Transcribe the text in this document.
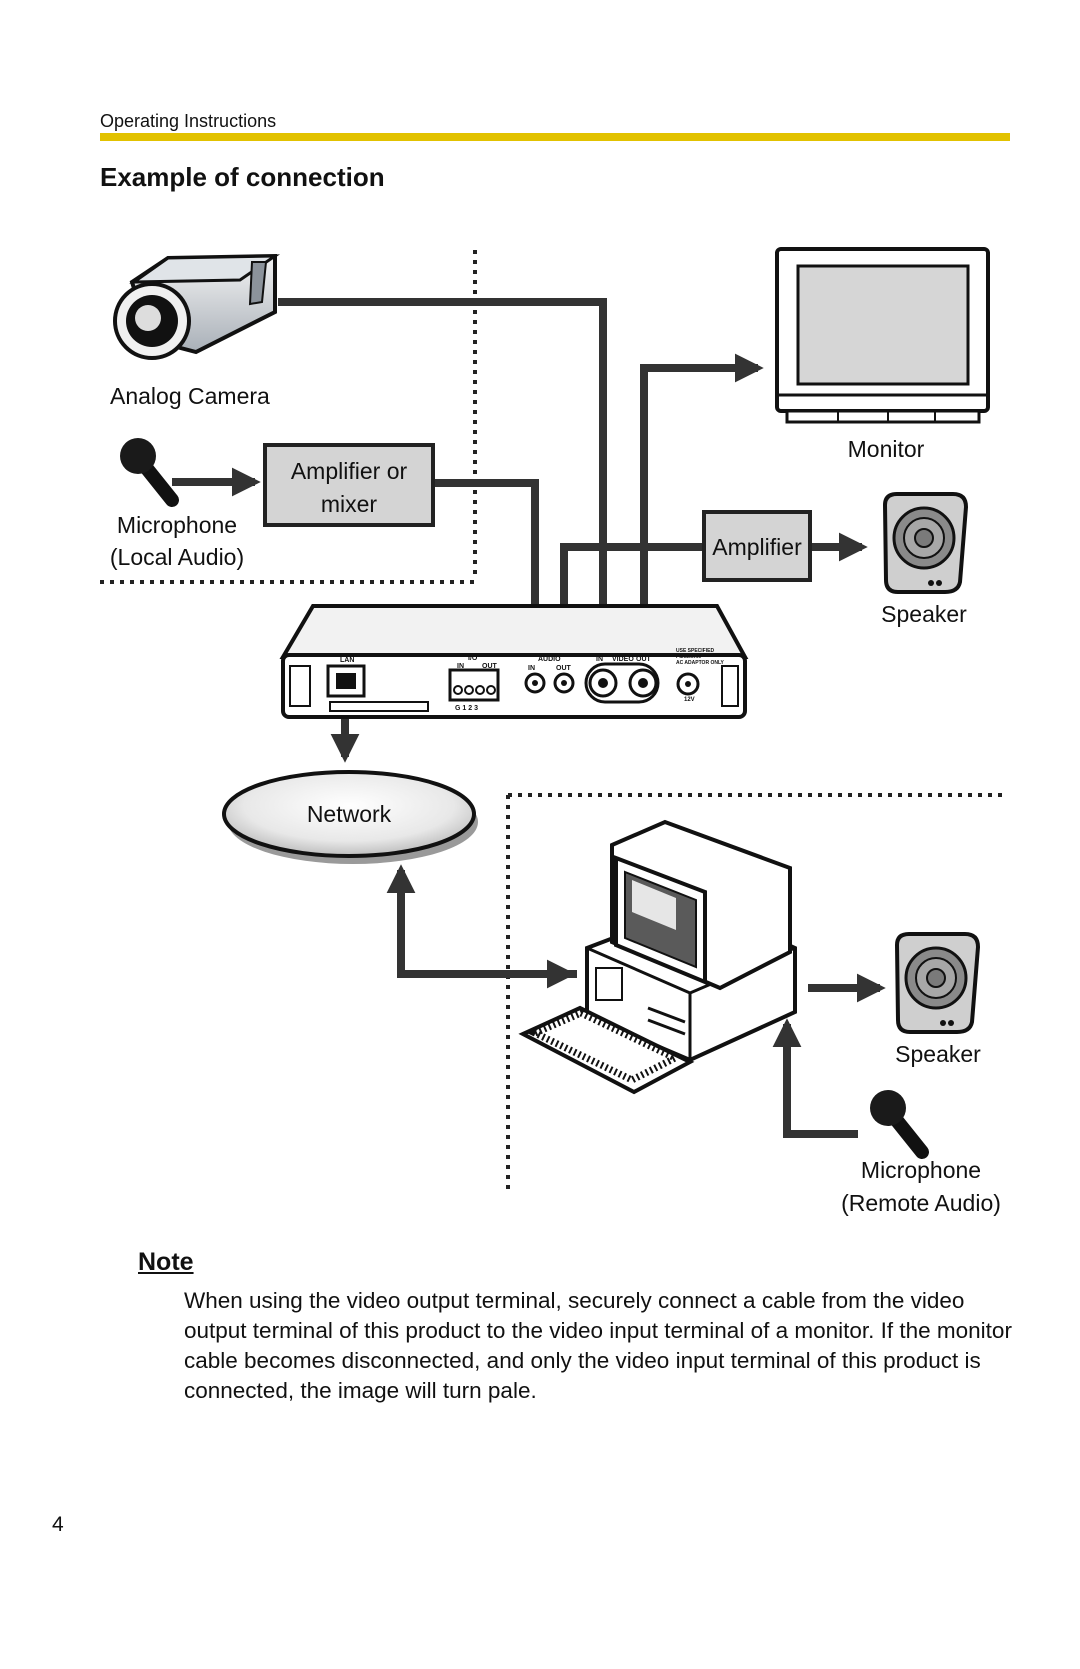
Operating Instructions
Example of connection
Analog Camera
Microphone
(Local Audio)
Amplifier or
mixer
Monitor
Amplifier
Speaker
LAN	I/O
IN	OUT
G 1 2 3
AUDIO
IN	OUT
IN VIDEO OUT
USE SPECIFIED
Panasonic
AC ADAPTOR ONLY
12V
Network
Speaker
Microphone
(Remote Audio)
Note
When using the video output terminal, securely connect a cable from the video output terminal of this product to the video input terminal of a monitor. If the monitor cable becomes disconnected, and only the video input terminal of this product is connected, the image will turn pale.
4
